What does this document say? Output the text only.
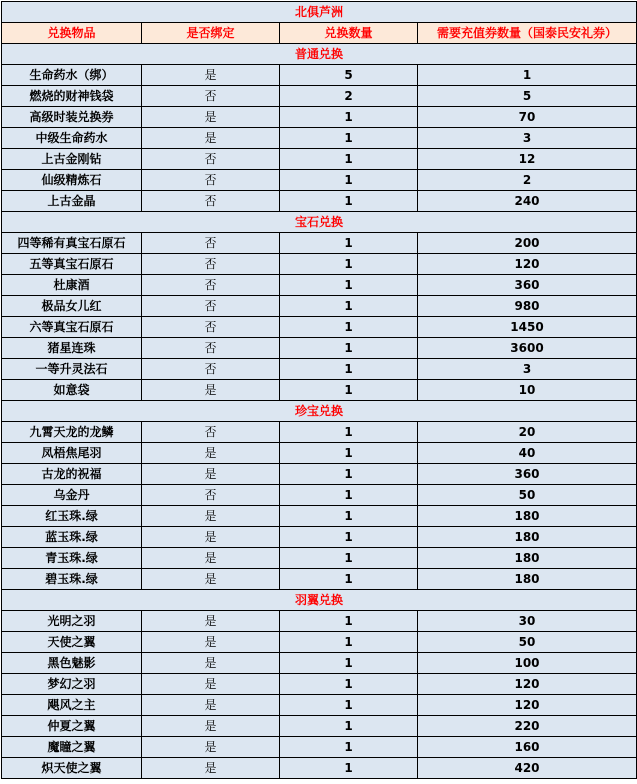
北俱芦洲			
兑换物品	是否绑定	兑换数量	需要充值券数量（国泰民安礼券）
普通兑换			
生命药水（绑）	是	5	1
燃烧的财神钱袋	否	2	5
高级时装兑换券	是	1	70
中级生命药水	是	1	3
上古金刚钻	否	1	12
仙级精炼石	否	1	2
上古金晶	否	1	240
宝石兑换			
四等稀有真宝石原石	否	1	200
五等真宝石原石	否	1	120
杜康酒	否	1	360
极品女儿红	否	1	980
六等真宝石原石	否	1	1450
猪星连珠	否	1	3600
一等升灵法石	否	1	3
如意袋	是	1	10
珍宝兑换			
九霄天龙的龙鳞	否	1	20
凤梧焦尾羽	是	1	40
古龙的祝福	是	1	360
乌金丹	否	1	50
红玉珠.绿	是	1	180
蓝玉珠.绿	是	1	180
青玉珠.绿	是	1	180
碧玉珠.绿	是	1	180
羽翼兑换			
光明之羽	是	1	30
天使之翼	是	1	50
黑色魅影	是	1	100
梦幻之羽	是	1	120
飓风之主	是	1	120
仲夏之翼	是	1	220
魔瞳之翼	是	1	160
炽天使之翼	是	1	420
